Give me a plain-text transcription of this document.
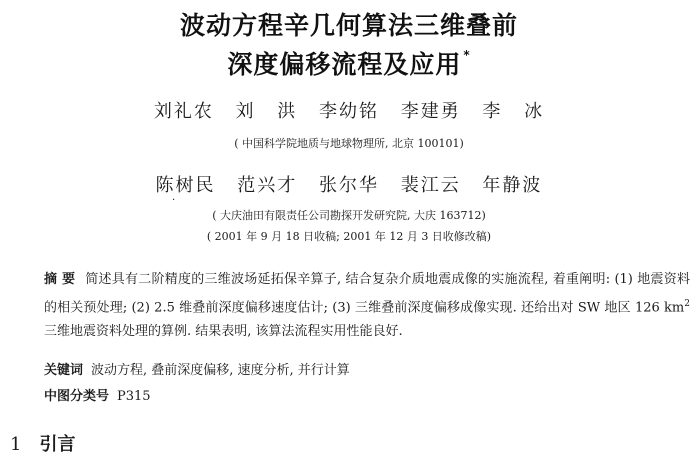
波动方程辛几何算法三维叠前
深度偏移流程及应用 *
刘礼农 刘 洪 李幼铭 李建勇 李 冰
( 中国科学院地质与地球物理所, 北京 100101)
陈树民 范兴才 张尔华 裴江云 年静波
·
( 大庆油田有限责任公司勘探开发研究院, 大庆 163712)
( 2001 年 9 月 18 日收稿; 2001 年 12 月 3 日收修改稿)
摘 要 简述具有二阶精度的三维波场延拓保辛算子, 结合复杂介质地震成像的实施流程, 着重阐明: (1) 地震资料的相关预处理; (2) 2.5 维叠前深度偏移速度估计; (3) 三维叠前深度偏移成像实现. 还给出对 SW 地区 126 $km^2$三维地震资料处理的算例. 结果表明, 该算法流程实用性能良好.
关键词 波动方程, 叠前深度偏移, 速度分析, 并行计算
中图分类号 P315
1 引言
